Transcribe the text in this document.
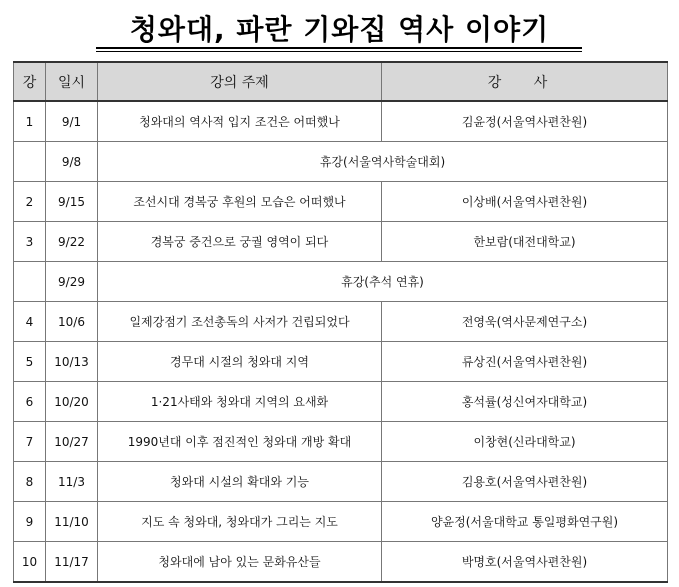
청와대, 파란 기와집 역사 이야기
강	일시	강의 주제	강 사
1	9/1	청와대의 역사적 입지 조건은 어떠했나	김윤정(서울역사편찬원)
	9/8	휴강(서울역사학술대회)	
2	9/15	조선시대 경복궁 후원의 모습은 어떠했나	이상배(서울역사편찬원)
3	9/22	경복궁 중건으로 궁궐 영역이 되다	한보람(대전대학교)
	9/29	휴강(추석 연휴)	
4	10/6	일제강점기 조선총독의 사저가 건립되었다	전영욱(역사문제연구소)
5	10/13	경무대 시절의 청와대 지역	류상진(서울역사편찬원)
6	10/20	1·21사태와 청와대 지역의 요새화	홍석률(성신여자대학교)
7	10/27	1990년대 이후 점진적인 청와대 개방 확대	이창현(신라대학교)
8	11/3	청와대 시설의 확대와 기능	김용호(서울역사편찬원)
9	11/10	지도 속 청와대, 청와대가 그리는 지도	양윤정(서울대학교 통일평화연구원)
10	11/17	청와대에 남아 있는 문화유산들	박명호(서울역사편찬원)
